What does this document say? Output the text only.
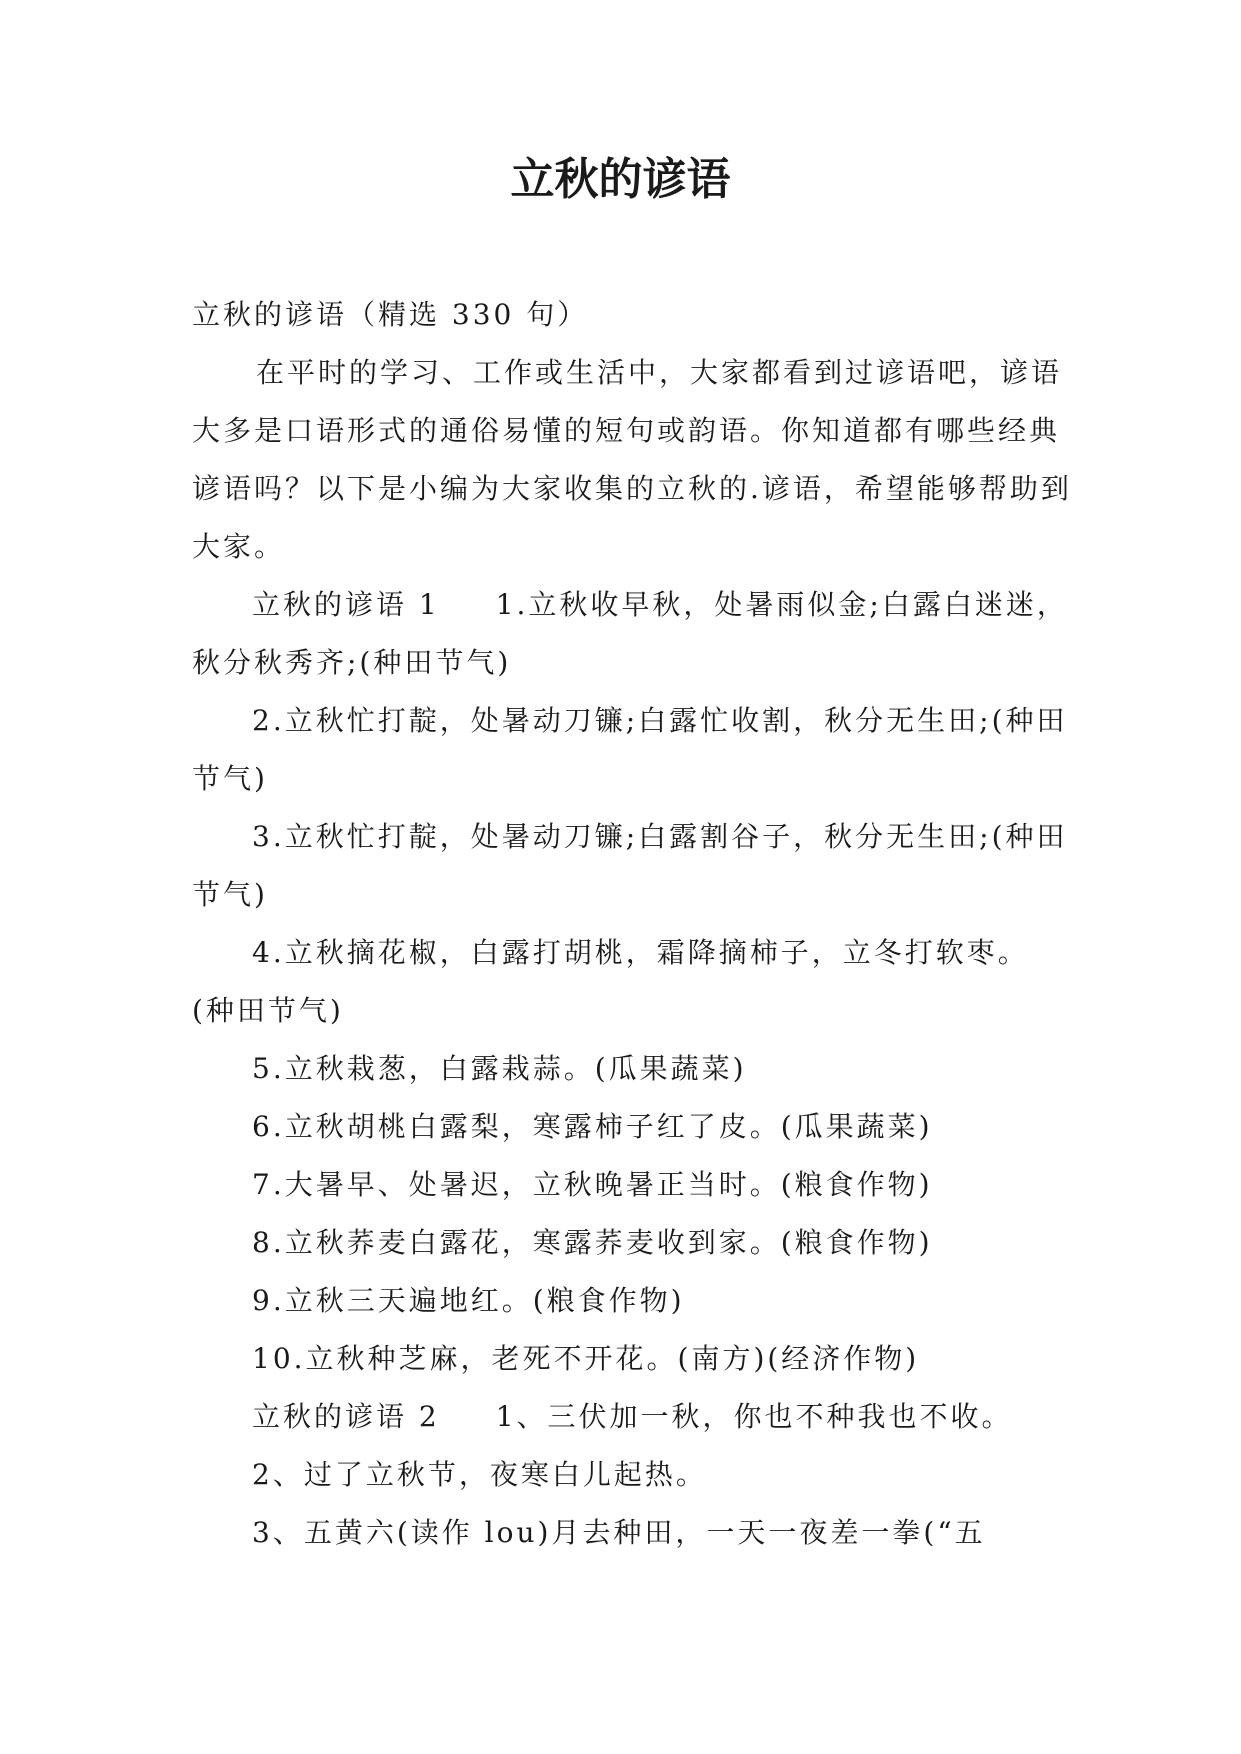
立秋的谚语

立秋的谚语（精选 330 句）

在平时的学习、工作或生活中，大家都看到过谚语吧，谚语大多是口语形式的通俗易懂的短句或韵语。你知道都有哪些经典谚语吗？以下是小编为大家收集的立秋的.谚语，希望能够帮助到大家。

立秋的谚语 1 1.立秋收早秋，处暑雨似金;白露白迷迷，秋分秋秀齐;(种田节气)

2.立秋忙打靛，处暑动刀镰;白露忙收割，秋分无生田;(种田节气)

3.立秋忙打靛，处暑动刀镰;白露割谷子，秋分无生田;(种田节气)

4.立秋摘花椒，白露打胡桃，霜降摘柿子，立冬打软枣。(种田节气)

5.立秋栽葱，白露栽蒜。(瓜果蔬菜)

6.立秋胡桃白露梨，寒露柿子红了皮。(瓜果蔬菜)

7.大暑早、处暑迟，立秋晚暑正当时。(粮食作物)

8.立秋荞麦白露花，寒露荞麦收到家。(粮食作物)

9.立秋三天遍地红。(粮食作物)

10.立秋种芝麻，老死不开花。(南方)(经济作物)

立秋的谚语 2 1、三伏加一秋，你也不种我也不收。

2、过了立秋节，夜寒白儿起热。

3、五黄六(读作 lou)月去种田，一天一夜差一拳(“五
